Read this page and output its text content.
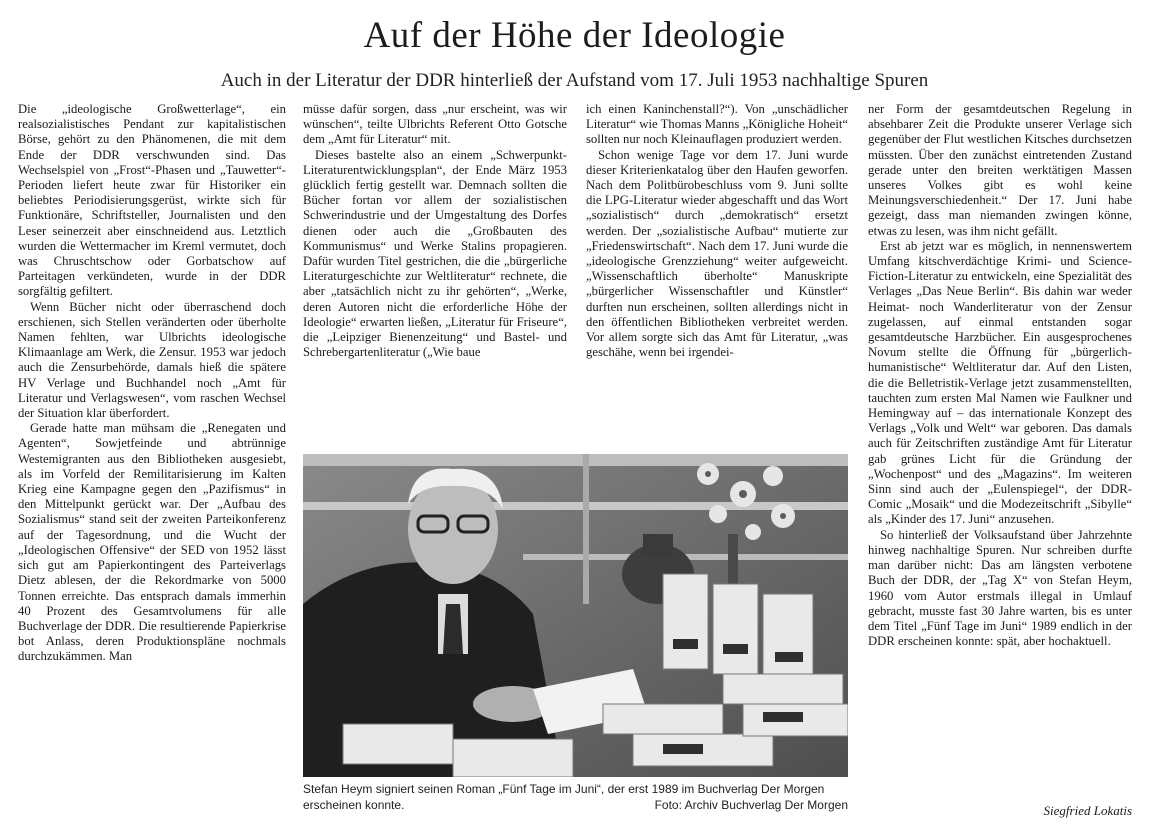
Auf der Höhe der Ideologie
Auch in der Literatur der DDR hinterließ der Aufstand vom 17. Juli 1953 nachhaltige Spuren

Die „ideologische Großwetterlage“, ein realsozialistisches Pendant zur kapitalistischen Börse, gehört zu den Phänomenen, die mit dem Ende der DDR verschwunden sind. Das Wechselspiel von „Frost“-Phasen und „Tauwetter“-Perioden liefert heute zwar für Historiker ein beliebtes Periodisierungsgerüst, wirkte sich für Funktionäre, Schriftsteller, Journalisten und den Leser seinerzeit aber einschneidend aus. Letztlich wurden die Wettermacher im Kreml vermutet, doch was Chruschtschow oder Gorbatschow auf Parteitagen verkündeten, wurde in der DDR sorgfältig gefiltert.

Wenn Bücher nicht oder überraschend doch erschienen, sich Stellen veränderten oder überholte Namen fehlten, war Ulbrichts ideologische Klimaanlage am Werk, die Zensur. 1953 war jedoch auch die Zensurbehörde, damals hieß die spätere HV Verlage und Buchhandel noch „Amt für Literatur und Verlagswesen“, vom raschen Wechsel der Situation klar überfordert.

Gerade hatte man mühsam die „Renegaten und Agenten“, Sowjetfeinde und abtrünnige Westemigranten aus den Bibliotheken ausgesiebt, als im Vorfeld der Remilitarisierung im Kalten Krieg eine Kampagne gegen den „Pazifismus“ in den Mittelpunkt gerückt war. Der „Aufbau des Sozialismus“ stand seit der zweiten Parteikonferenz auf der Tagesordnung, und die Wucht der „Ideologischen Offensive“ der SED von 1952 lässt sich gut am Papierkontingent des Parteiverlags Dietz ablesen, der die Rekordmarke von 5000 Tonnen erreichte. Das entsprach damals immerhin 40 Prozent des Gesamtvolumens für alle Buchverlage der DDR. Die resultierende Papierkrise bot Anlass, deren Produktionspläne nochmals durchzukämmen. Man

müsse dafür sorgen, dass „nur erscheint, was wir wünschen“, teilte Ulbrichts Referent Otto Gotsche dem „Amt für Literatur“ mit.

Dieses bastelte also an einem „Schwerpunkt-Literaturentwicklungsplan“, der Ende März 1953 glücklich fertig gestellt war. Demnach sollten die Bücher fortan vor allem der sozialistischen Schwerindustrie und der Umgestaltung des Dorfes dienen oder auch die „Großbauten des Kommunismus“ und Werke Stalins propagieren. Dafür wurden Titel gestrichen, die die „bürgerliche Literaturgeschichte zur Weltliteratur“ rechnete, die aber „tatsächlich nicht zu ihr gehörten“, „Werke, deren Autoren nicht die erforderliche Höhe der Ideologie“ erwarten ließen, „Literatur für Friseure“, die „Leipziger Bienenzeitung“ und Bastel- und Schrebergartenliteratur („Wie baue

ich einen Kaninchenstall?“). Von „unschädlicher Literatur“ wie Thomas Manns „Königliche Hoheit“ sollten nur noch Kleinauflagen produziert werden.

Schon wenige Tage vor dem 17. Juni wurde dieser Kriterienkatalog über den Haufen geworfen. Nach dem Politbürobeschluss vom 9. Juni sollte die LPG-Literatur wieder abgeschafft und das Wort „sozialistisch“ durch „demokratisch“ ersetzt werden. Der „sozialistische Aufbau“ mutierte zur „Friedenswirtschaft“. Nach dem 17. Juni wurde die „ideologische Grenzziehung“ weiter aufgeweicht. „Wissenschaftlich überholte“ Manuskripte „bürgerlicher Wissenschaftler und Künstler“ durften nun erscheinen, sollten allerdings nicht in den öffentlichen Bibliotheken verbreitet werden. Vor allem sorgte sich das Amt für Literatur, „was geschähe, wenn bei irgendei-

ner Form der gesamtdeutschen Regelung in absehbarer Zeit die Produkte unserer Verlage sich gegenüber der Flut westlichen Kitsches durchsetzen müssten. Über den zunächst eintretenden Zustand gerade unter den breiten werktätigen Massen unseres Volkes gibt es wohl keine Meinungsverschiedenheit.“ Der 17. Juni habe gezeigt, dass man niemanden zwingen könne, etwas zu lesen, was ihm nicht gefällt.

Erst ab jetzt war es möglich, in nennenswertem Umfang kitschverdächtige Krimi- und Science-Fiction-Literatur zu entwickeln, eine Spezialität des Verlages „Das Neue Berlin“. Bis dahin war weder Heimat- noch Wanderliteratur von der Zensur zugelassen, auf einmal entstanden sogar gesamtdeutsche Harzbücher. Ein ausgesprochenes Novum stellte die Öffnung für „bürgerlich-humanistische“ Weltliteratur dar. Auf den Listen, die die Belletristik-Verlage jetzt zusammenstellten, tauchten zum ersten Mal Namen wie Faulkner und Hemingway auf – das internationale Konzept des Verlags „Volk und Welt“ war geboren. Das damals auch für Zeitschriften zuständige Amt für Literatur gab grünes Licht für die Gründung der „Wochenpost“ und des „Magazins“. Im weiteren Sinn sind auch der „Eulenspiegel“, der DDR-Comic „Mosaik“ und die Modezeitschrift „Sibylle“ als „Kinder des 17. Juni“ anzusehen.

So hinterließ der Volksaufstand über Jahrzehnte hinweg nachhaltige Spuren. Nur schreiben durfte man darüber nicht: Das am längsten verbotene Buch der DDR, der „Tag X“ von Stefan Heym, 1960 vom Autor erstmals illegal in Umlauf gebracht, musste fast 30 Jahre warten, bis es unter dem Titel „Fünf Tage im Juni“ 1989 endlich in der DDR erscheinen konnte: spät, aber hochaktuell.

Stefan Heym signiert seinen Roman „Fünf Tage im Juni“, der erst 1989 im Buchverlag Der Morgen erscheinen konnte.	Foto: Archiv Buchverlag Der Morgen	Siegfried Lokatis
